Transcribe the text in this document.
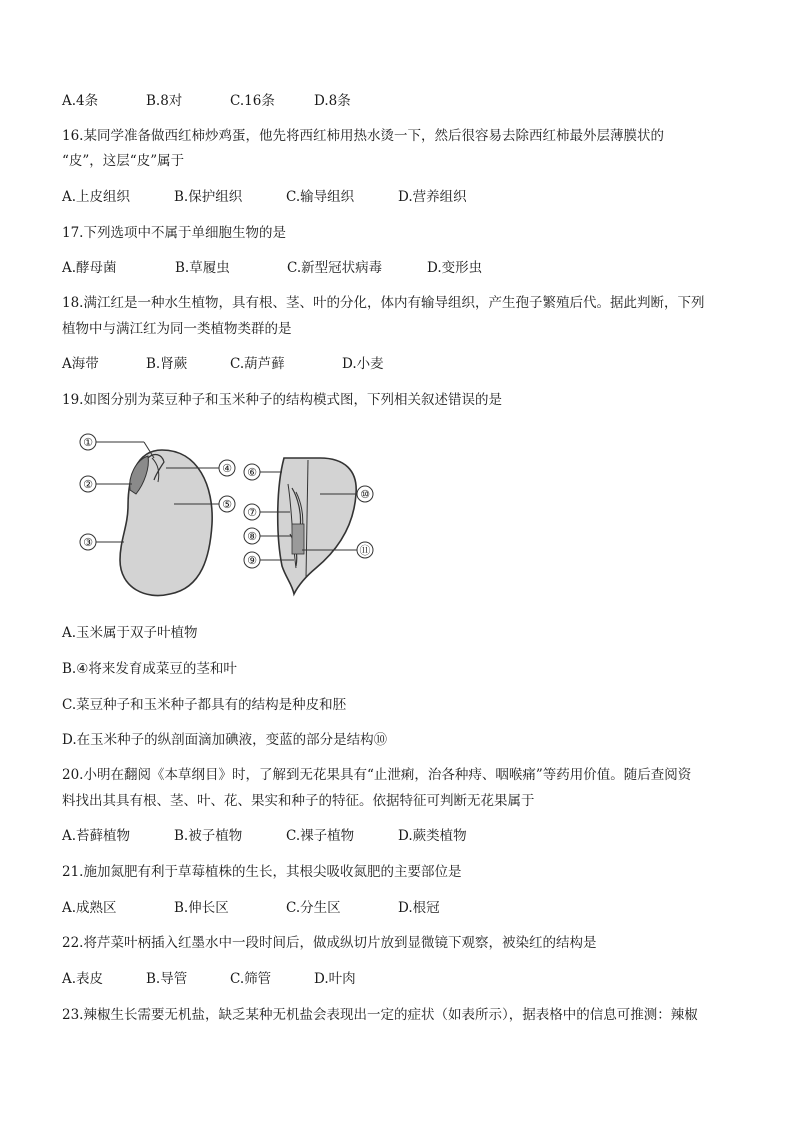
A.4条	B.8对	C.16条	D.8条
16.某同学准备做西红柿炒鸡蛋，他先将西红柿用热水烫一下，然后很容易去除西红柿最外层薄膜状的
“皮”，这层“皮”属于
A.上皮组织	B.保护组织	C.输导组织	D.营养组织
17.下列选项中不属于单细胞生物的是
A.酵母菌	B.草履虫	C.新型冠状病毒	D.变形虫
18.满江红是一种水生植物，具有根、茎、叶的分化，体内有输导组织，产生孢子繁殖后代。据此判断，下列
植物中与满江红为同一类植物类群的是
A海带	B.肾蕨	C.葫芦藓	D.小麦
19.如图分别为菜豆种子和玉米种子的结构模式图，下列相关叙述错误的是
①
②
③
④
⑤
⑥
⑦
⑧
⑨
⑩
⑪
A.玉米属于双子叶植物
B.④将来发育成菜豆的茎和叶
C.菜豆种子和玉米种子都具有的结构是种皮和胚
D.在玉米种子的纵剖面滴加碘液，变蓝的部分是结构⑩
20.小明在翻阅《本草纲目》时，了解到无花果具有“止泄痢，治各种痔、咽喉痛”等药用价值。随后查阅资
料找出其具有根、茎、叶、花、果实和种子的特征。依据特征可判断无花果属于
A.苔藓植物	B.被子植物	C.裸子植物	D.蕨类植物
21.施加氮肥有利于草莓植株的生长，其根尖吸收氮肥的主要部位是
A.成熟区	B.伸长区	C.分生区	D.根冠
22.将芹菜叶柄插入红墨水中一段时间后，做成纵切片放到显微镜下观察，被染红的结构是
A.表皮	B.导管	C.筛管	D.叶肉
23.辣椒生长需要无机盐，缺乏某种无机盐会表现出一定的症状（如表所示），据表格中的信息可推测：辣椒
